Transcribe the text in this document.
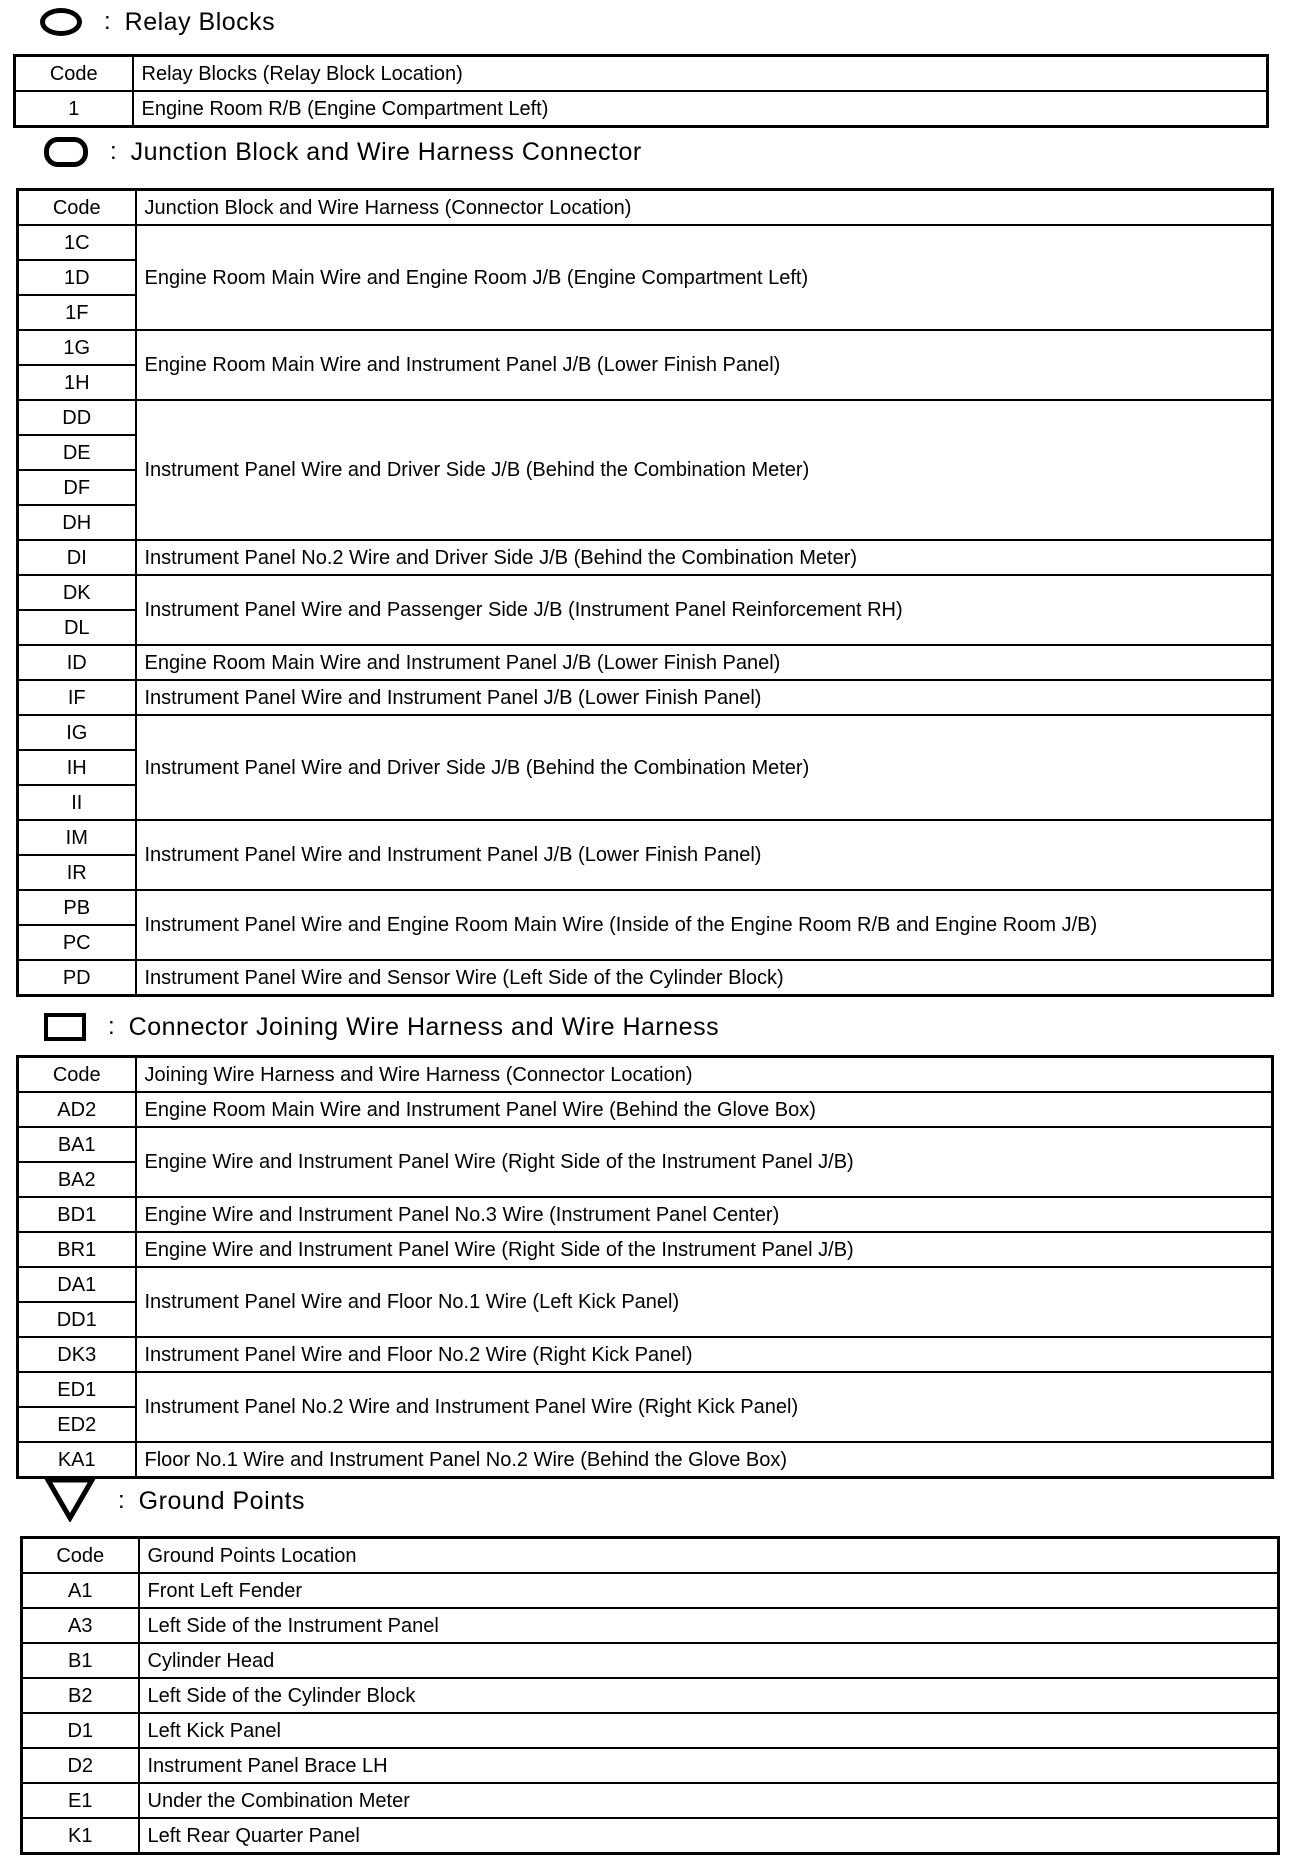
: Relay Blocks
Code	Relay Blocks (Relay Block Location)
1	Engine Room R/B (Engine Compartment Left)
: Junction Block and Wire Harness Connector
Code	Junction Block and Wire Harness (Connector Location)
1C	Engine Room Main Wire and Engine Room J/B (Engine Compartment Left)
1D	
1F	
1G	Engine Room Main Wire and Instrument Panel J/B (Lower Finish Panel)
1H	
DD	Instrument Panel Wire and Driver Side J/B (Behind the Combination Meter)
DE	
DF	
DH	
DI	Instrument Panel No.2 Wire and Driver Side J/B (Behind the Combination Meter)
DK	Instrument Panel Wire and Passenger Side J/B (Instrument Panel Reinforcement RH)
DL	
ID	Engine Room Main Wire and Instrument Panel J/B (Lower Finish Panel)
IF	Instrument Panel Wire and Instrument Panel J/B (Lower Finish Panel)
IG	Instrument Panel Wire and Driver Side J/B (Behind the Combination Meter)
IH	
II	
IM	Instrument Panel Wire and Instrument Panel J/B (Lower Finish Panel)
IR	
PB	Instrument Panel Wire and Engine Room Main Wire (Inside of the Engine Room R/B and Engine Room J/B)
PC	
PD	Instrument Panel Wire and Sensor Wire (Left Side of the Cylinder Block)
: Connector Joining Wire Harness and Wire Harness
Code	Joining Wire Harness and Wire Harness (Connector Location)
AD2	Engine Room Main Wire and Instrument Panel Wire (Behind the Glove Box)
BA1	Engine Wire and Instrument Panel Wire (Right Side of the Instrument Panel J/B)
BA2	
BD1	Engine Wire and Instrument Panel No.3 Wire (Instrument Panel Center)
BR1	Engine Wire and Instrument Panel Wire (Right Side of the Instrument Panel J/B)
DA1	Instrument Panel Wire and Floor No.1 Wire (Left Kick Panel)
DD1	
DK3	Instrument Panel Wire and Floor No.2 Wire (Right Kick Panel)
ED1	Instrument Panel No.2 Wire and Instrument Panel Wire (Right Kick Panel)
ED2	
KA1	Floor No.1 Wire and Instrument Panel No.2 Wire (Behind the Glove Box)
: Ground Points
Code	Ground Points Location
A1	Front Left Fender
A3	Left Side of the Instrument Panel
B1	Cylinder Head
B2	Left Side of the Cylinder Block
D1	Left Kick Panel
D2	Instrument Panel Brace LH
E1	Under the Combination Meter
K1	Left Rear Quarter Panel
